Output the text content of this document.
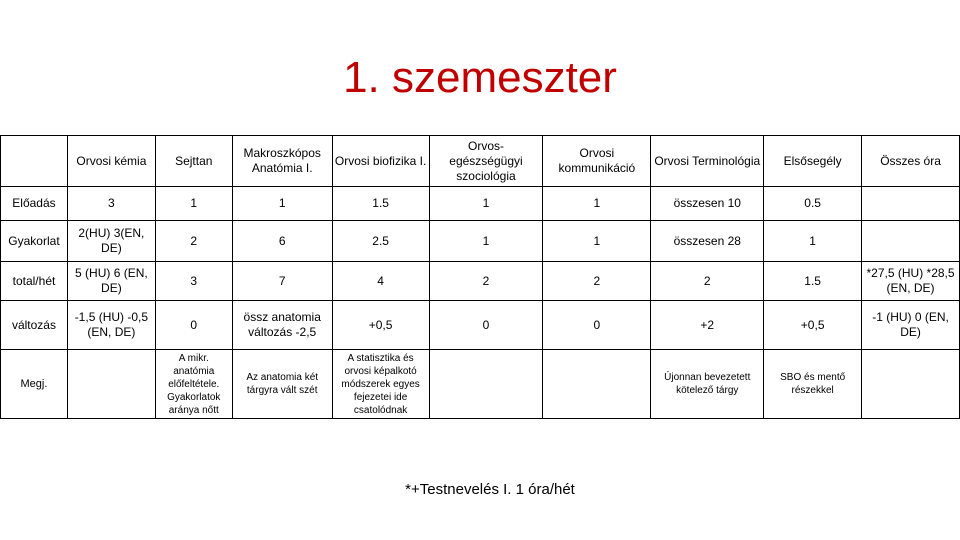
1. szemeszter
	Orvosi kémia	Sejttan	Makroszkópos Anatómia I.	Orvosi biofizika I.	Orvos-egészségügyi szociológia	Orvosi kommunikáció	Orvosi Terminológia	Elsősegély	Összes óra
Előadás	3	1	1	1.5	1	1	összesen 10	0.5	
Gyakorlat	2(HU) 3(EN, DE)	2	6	2.5	1	1	összesen 28	1	
total/hét	5 (HU) 6 (EN, DE)	3	7	4	2	2	2	1.5	*27,5 (HU) *28,5 (EN, DE)
változás	-1,5 (HU) -0,5 (EN, DE)	0	össz anatomia változás -2,5	+0,5	0	0	+2	+0,5	-1 (HU) 0 (EN, DE)
Megj.		A mikr. anatómia előfeltétele. Gyakorlatok aránya nőtt	Az anatomia két tárgyra vált szét	A statisztika és orvosi képalkotó módszerek egyes fejezetei ide csatolódnak			Újonnan bevezetett kötelező tárgy	SBO és mentő részekkel	
*+Testnevelés I. 1 óra/hét
